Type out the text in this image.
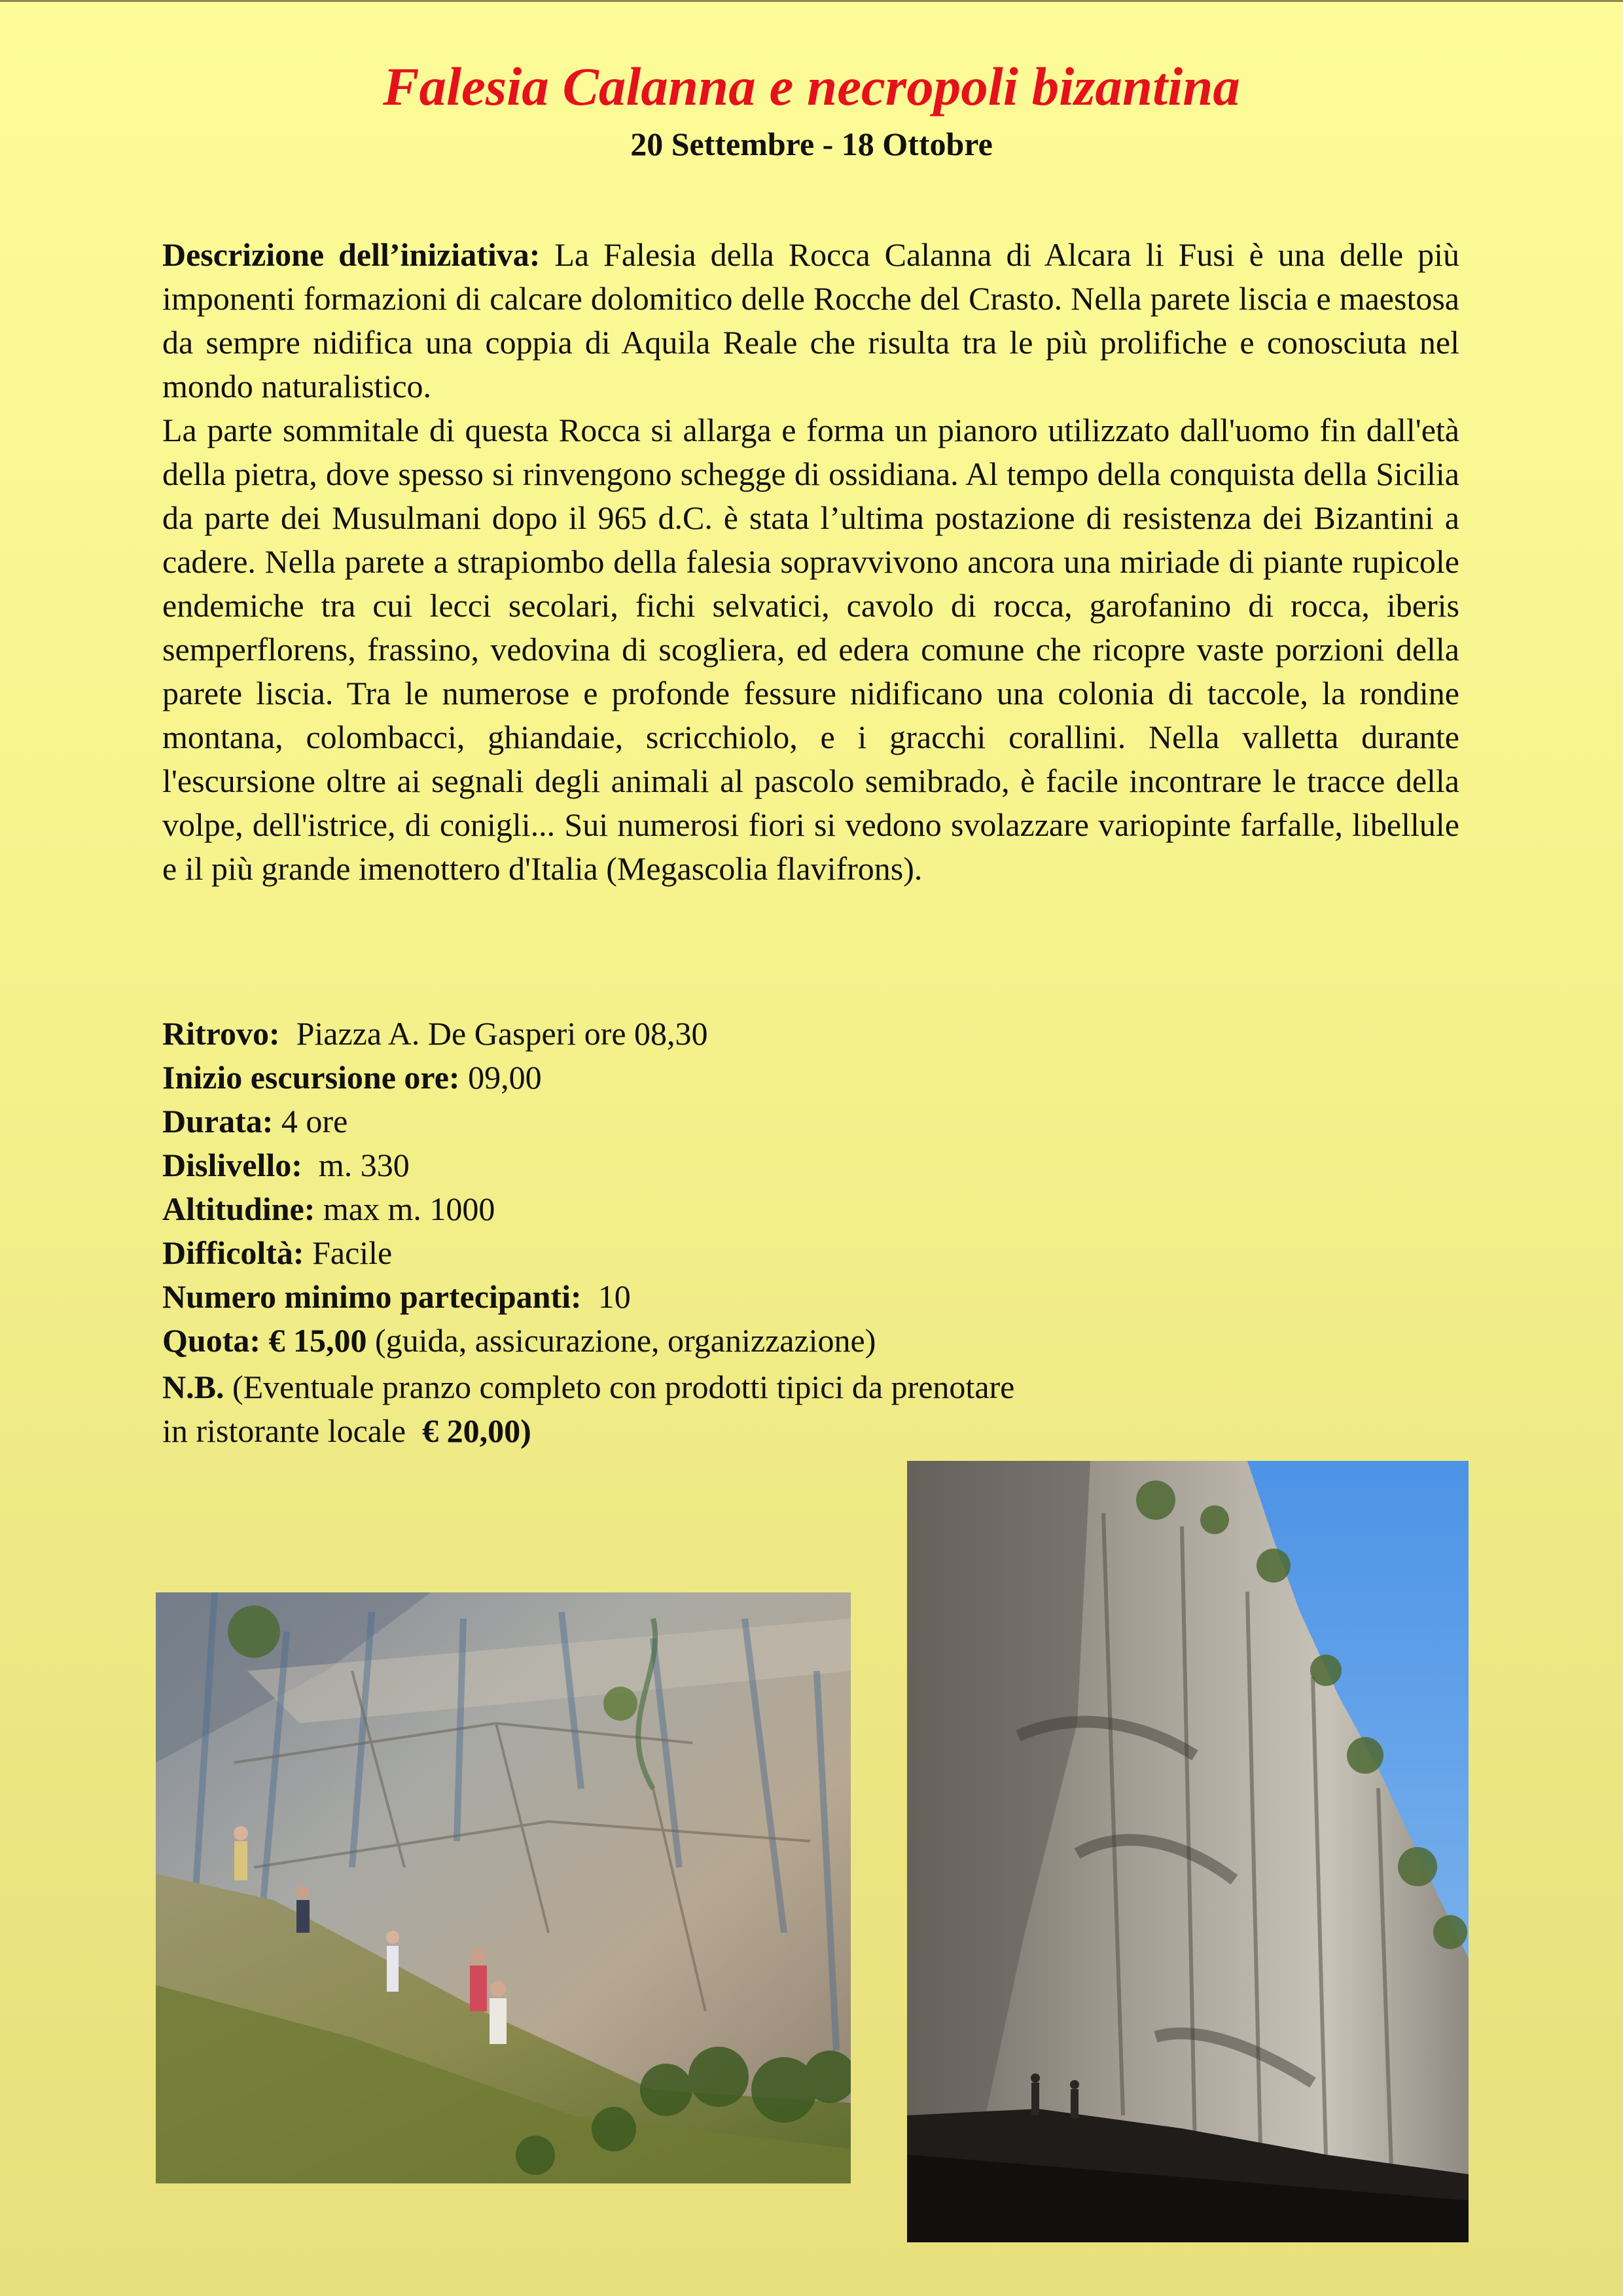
Falesia Calanna e necropoli bizantina
20 Settembre - 18 Ottobre

Descrizione dell’iniziativa: La Falesia della Rocca Calanna di Alcara li Fusi è una delle più imponenti formazioni di calcare dolomitico delle Rocche del Crasto. Nella parete liscia e maestosa da sempre nidifica una coppia di Aquila Reale che risulta tra le più prolifiche e conosciuta nel mondo naturalistico.

La parte sommitale di questa Rocca si allarga e forma un pianoro utilizzato dall'uomo fin dall'età della pietra, dove spesso si rinvengono schegge di ossidiana. Al tempo della conquista della Sicilia da parte dei Musulmani dopo il 965 d.C. è stata l’ultima postazione di resistenza dei Bizantini a cadere. Nella parete a strapiombo della falesia sopravvivono ancora una miriade di piante rupicole endemiche tra cui lecci secolari, fichi selvatici, cavolo di rocca, garofanino di rocca, iberis semperflorens, frassino, vedovina di scogliera, ed edera comune che ricopre vaste porzioni della parete liscia. Tra le numerose e profonde fessure nidificano una colonia di taccole, la rondine montana, colombacci, ghiandaie, scricchiolo, e i gracchi corallini. Nella valletta durante l'escursione oltre ai segnali degli animali al pascolo semibrado, è facile incontrare le tracce della volpe, dell'istrice, di conigli... Sui numerosi fiori si vedono svolazzare variopinte farfalle, libellule e il più grande imenottero d'Italia (Megascolia flavifrons).

Ritrovo: Piazza A. De Gasperi ore 08,30
Inizio escursione ore: 09,00
Durata: 4 ore
Dislivello: m. 330
Altitudine: max m. 1000
Difficoltà: Facile
Numero minimo partecipanti: 10
Quota: € 15,00 (guida, assicurazione, organizzazione)
N.B. (Eventuale pranzo completo con prodotti tipici da prenotare
in ristorante locale € 20,00)
